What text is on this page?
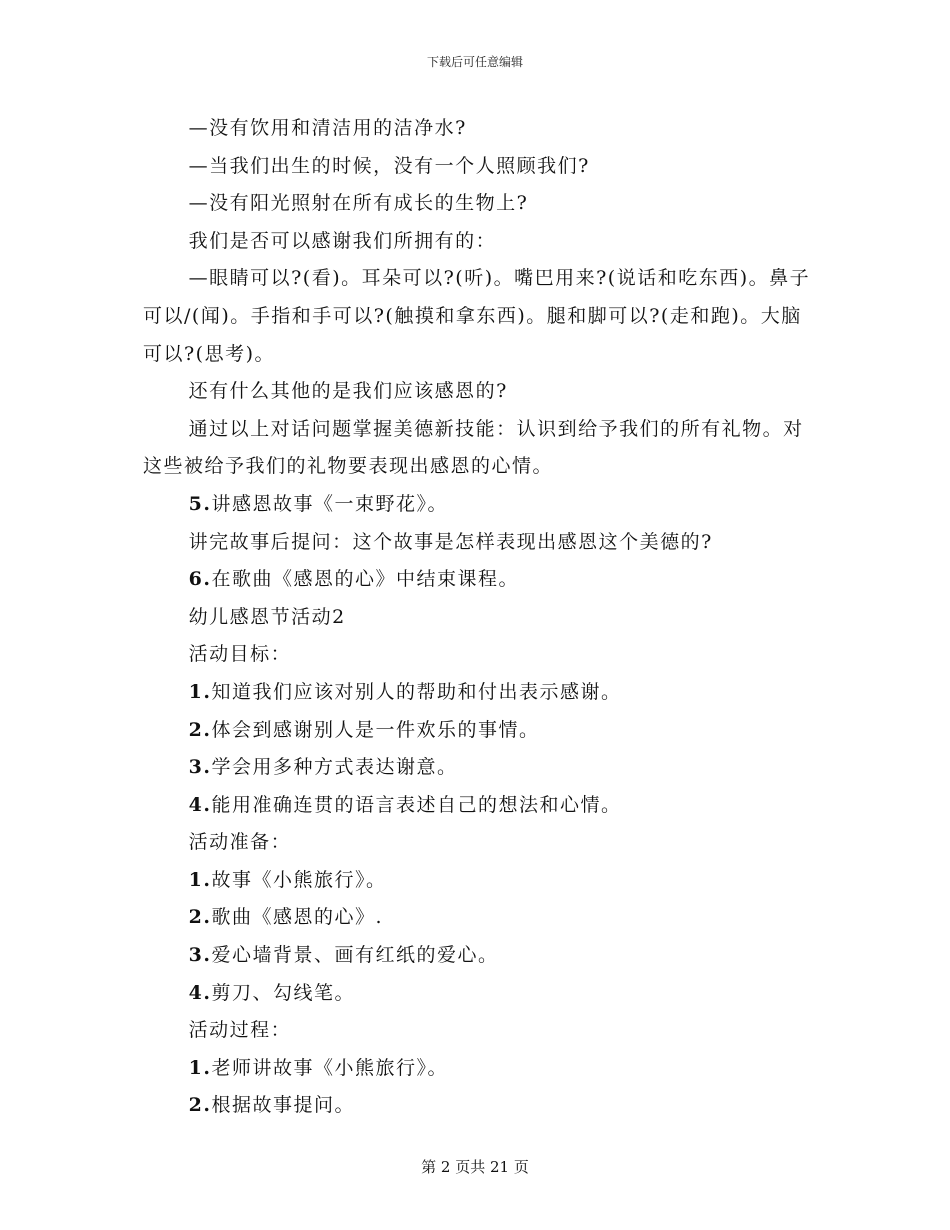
下载后可任意编辑

—没有饮用和清洁用的洁净水?

—当我们出生的时候，没有一个人照顾我们?

—没有阳光照射在所有成长的生物上?

我们是否可以感谢我们所拥有的：

—眼睛可以?(看)。耳朵可以?(听)。嘴巴用来?(说话和吃东西)。鼻子可以/(闻)。手指和手可以?(触摸和拿东西)。腿和脚可以?(走和跑)。大脑可以?(思考)。

还有什么其他的是我们应该感恩的?

通过以上对话问题掌握美德新技能：认识到给予我们的所有礼物。对这些被给予我们的礼物要表现出感恩的心情。

5.讲感恩故事《一束野花》。

讲完故事后提问：这个故事是怎样表现出感恩这个美德的?

6.在歌曲《感恩的心》中结束课程。

幼儿感恩节活动2

活动目标：

1.知道我们应该对别人的帮助和付出表示感谢。

2.体会到感谢别人是一件欢乐的事情。

3.学会用多种方式表达谢意。

4.能用准确连贯的语言表述自己的想法和心情。

活动准备：

1.故事《小熊旅行》。

2.歌曲《感恩的心》.

3.爱心墙背景、画有红纸的爱心。

4.剪刀、勾线笔。

活动过程：

1.老师讲故事《小熊旅行》。

2.根据故事提问。

第 2 页共 21 页
